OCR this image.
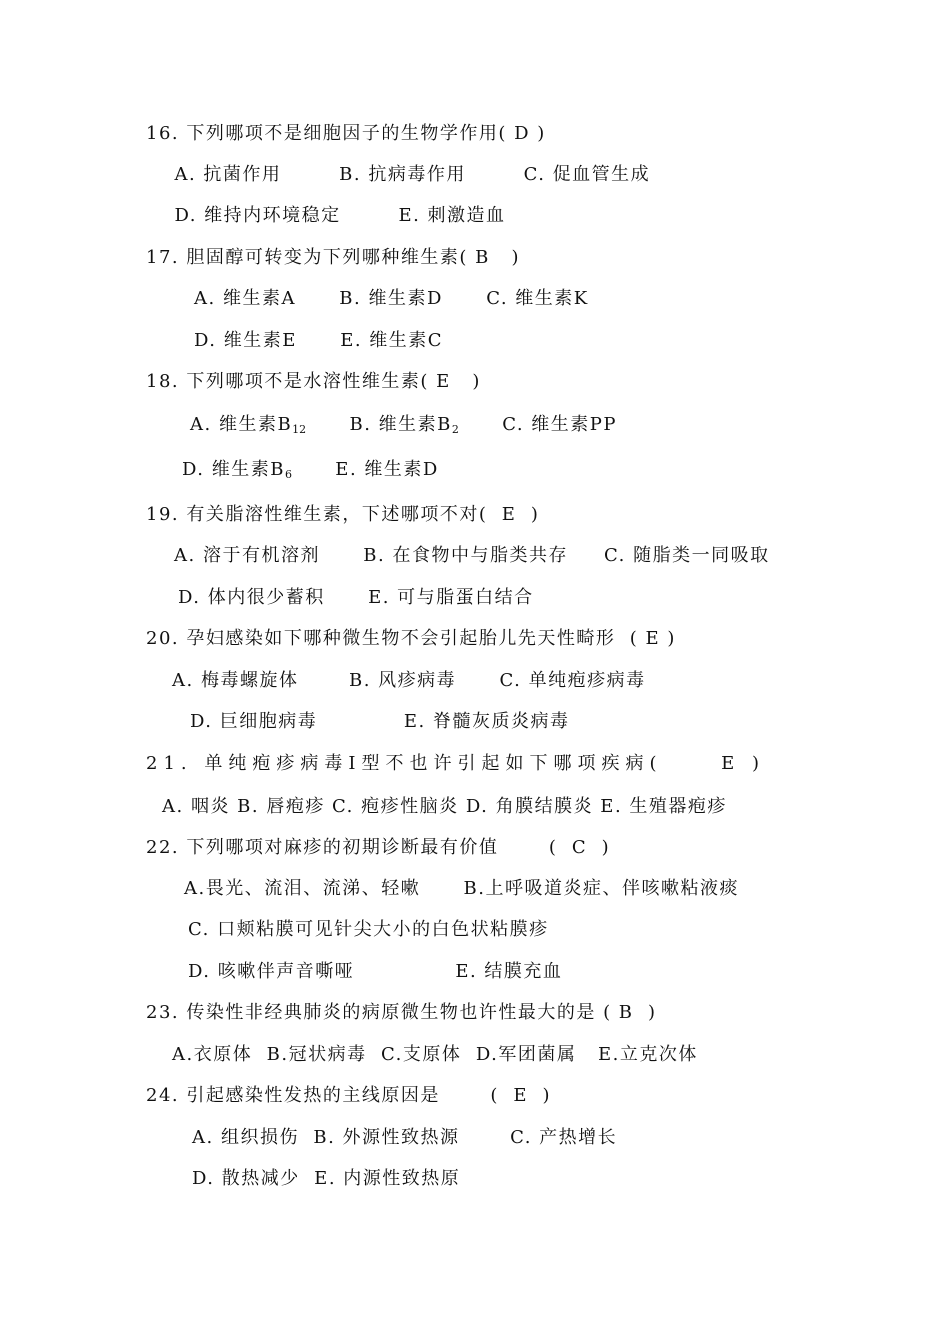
16. 下列哪项不是细胞因子的生物学作用( D )
A. 抗菌作用        B. 抗病毒作用        C. 促血管生成
D. 维持内环境稳定        E. 刺激造血
17. 胆固醇可转变为下列哪种维生素( B   )
A. 维生素A      B. 维生素D      C. 维生素K
D. 维生素E      E. 维生素C
18. 下列哪项不是水溶性维生素( E   )
A. 维生素$B_{12}$      B. 维生素$B_2$      C. 维生素PP
D. 维生素$B_6$      E. 维生素D
19. 有关脂溶性维生素，下述哪项不对(  E  )
A. 溶于有机溶剂      B. 在食物中与脂类共存     C. 随脂类一同吸取
D. 体内很少蓄积      E. 可与脂蛋白结合
20. 孕妇感染如下哪种微生物不会引起胎儿先天性畸形  ( E )
A. 梅毒螺旋体       B. 风疹病毒      C. 单纯疱疹病毒
D. 巨细胞病毒            E. 脊髓灰质炎病毒
21. 单纯疱疹病毒I型不也许引起如下哪项疾病(     E )
A. 咽炎 B. 唇疱疹 C. 疱疹性脑炎 D. 角膜结膜炎 E. 生殖器疱疹
22. 下列哪项对麻疹的初期诊断最有价值       (  C  )
A.畏光、流泪、流涕、轻嗽      B.上呼吸道炎症、伴咳嗽粘液痰
C. 口颊粘膜可见针尖大小的白色状粘膜疹
D. 咳嗽伴声音嘶哑              E. 结膜充血
23. 传染性非经典肺炎的病原微生物也许性最大的是 ( B  )
A.衣原体  B.冠状病毒  C.支原体  D.军团菌属   E.立克次体
24. 引起感染性发热的主线原因是       (  E  )
A. 组织损伤  B. 外源性致热源       C. 产热增长
D. 散热减少  E. 内源性致热原
